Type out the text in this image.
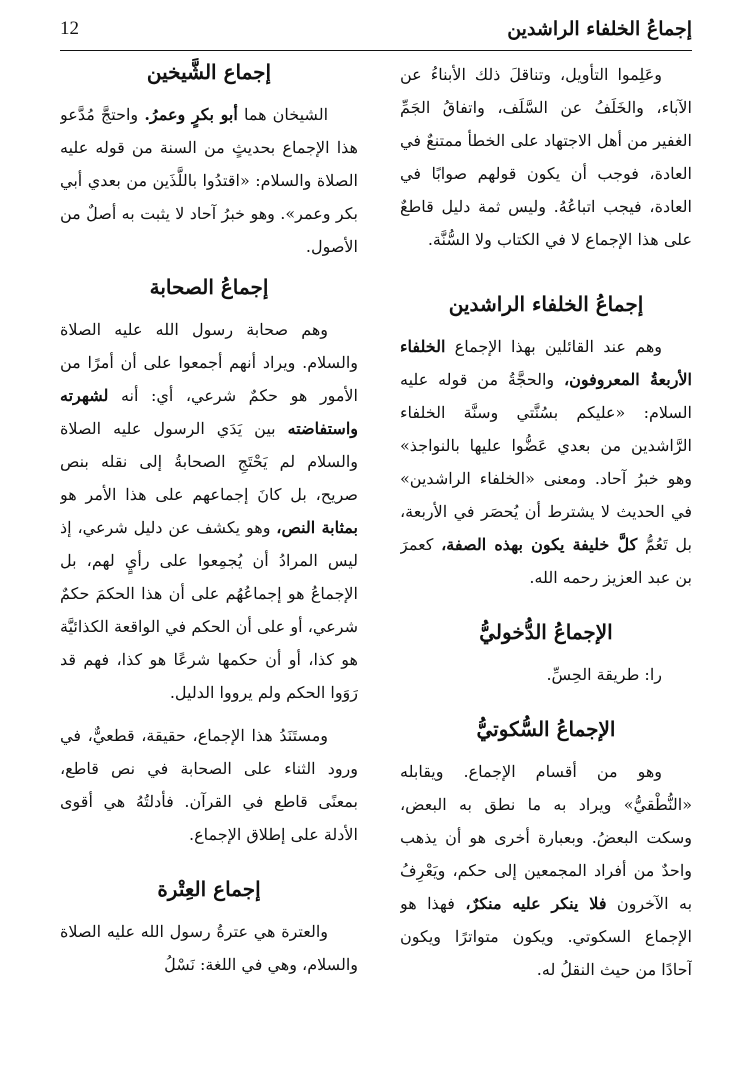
إجماعُ الخلفاء الراشدين
12

وعَلِموا التأويل، وتناقلَ ذلك الأبناءُ عن الآباء، والخَلَفُ عن السَّلَف، واتفاقُ الجَمِّ الغفير من أهل الاجتهاد على الخطأ ممتنعٌ في العادة، فوجب أن يكون قولهم صوابًا في العادة، فيجب اتباعُهُ. وليس ثمة دليل قاطعٌ على هذا الإجماع لا في الكتاب ولا السُّنَّة.

إجماعُ الخلفاء الراشدين

وهم عند القائلين بهذا الإجماع الخلفاء الأربعةُ المعروفون، والحجَّةُ من قوله عليه السلام: «عليكم بسُنَّتي وسنَّة الخلفاء الرَّاشدين من بعدي عَضُّوا عليها بالنواجذ» وهو خبرُ آحاد. ومعنى «الخلفاء الراشدين» في الحديث لا يشترط أن يُحصَر في الأربعة، بل تَعُمُّ كلَّ خليفة يكون بهذه الصفة، كعمرَ بن عبد العزيز رحمه الله.

الإجماعُ الدُّخوليُّ

را: طريقة الحِسِّ.

الإجماعُ السُّكوتيُّ

وهو من أقسام الإجماع. ويقابله «النُّطْقيُّ» ويراد به ما نطق به البعض، وسكت البعضُ. وبعبارة أخرى هو أن يذهب واحدٌ من أفراد المجمعين إلى حكم، ويَعْرِفُ به الآخرون فلا ينكر عليه منكرٌ، فهذا هو الإجماع السكوتي. ويكون متواترًا ويكون آحادًا من حيث النقلُ له.

إجماع الشَّيخين

الشيخان هما أبو بكرٍ وعمرُ. واحتجَّ مُدَّعو هذا الإجماع بحديثٍ من السنة من قوله عليه الصلاة والسلام: «اقتدُوا باللَّذَين من بعدي أبي بكر وعمر». وهو خبرُ آحاد لا يثبت به أصلٌ من الأصول.

إجماعُ الصحابة

وهم صحابة رسول الله عليه الصلاة والسلام. ويراد أنهم أجمعوا على أن أمرًا من الأمور هو حكمٌ شرعي، أي: أنه لشهرته واستفاضته بين يَدَي الرسول عليه الصلاة والسلام لم يَحْتَجِ الصحابةُ إلى نقله بنص صريح، بل كانَ إجماعهم على هذا الأمر هو بمثابة النص، وهو يكشف عن دليل شرعي، إذ ليس المرادُ أن يُجمِعوا على رأيٍ لهم، بل الإجماعُ هو إجماعُهُم على أن هذا الحكمَ حكمٌ شرعي، أو على أن الحكم في الواقعة الكذائيَّة هو كذا، أو أن حكمها شرعًا هو كذا، فهم قد رَوَوا الحكم ولم يرووا الدليل.

ومستَنَدُ هذا الإجماع، حقيقة، قطعيٌّ، في ورود الثناء على الصحابة في نص قاطع، بمعنًى قاطع في القرآن. فأدلتُهُ هي أقوى الأدلة على إطلاق الإجماع.

إجماع العِتْرة

والعترة هي عترةُ رسول الله عليه الصلاة والسلام، وهي في اللغة: نَسْلُ
